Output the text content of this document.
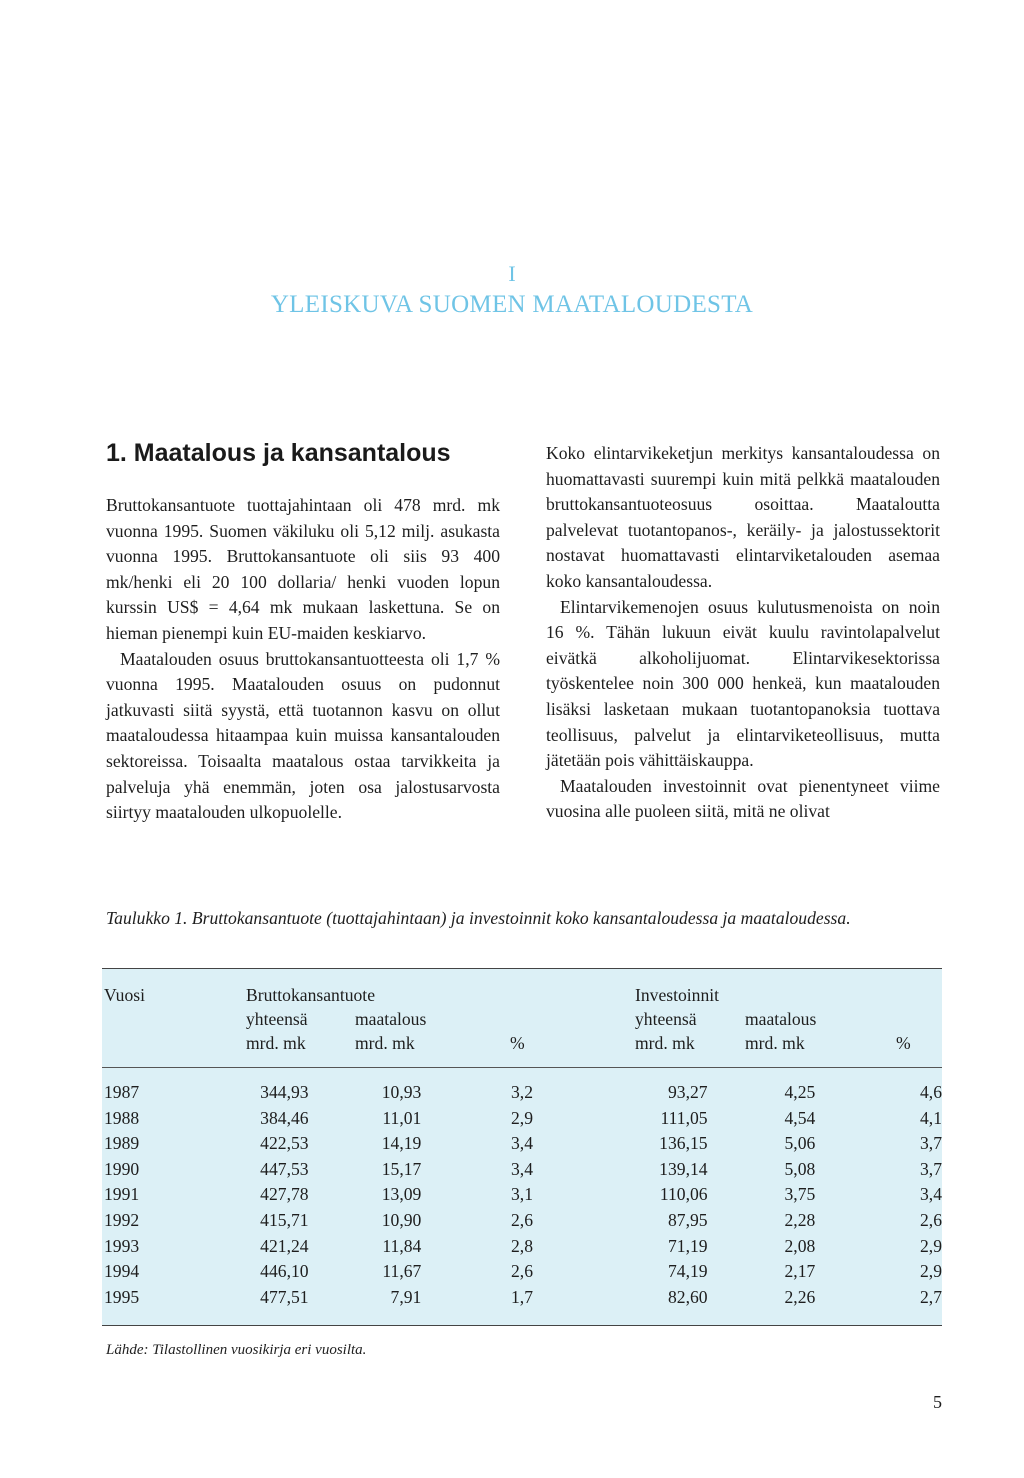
I
YLEISKUVA SUOMEN MAATALOUDESTA
1. Maatalous ja kansantalous

Bruttokansantuote tuottajahintaan oli 478 mrd. mk vuonna 1995. Suomen väkiluku oli 5,12 milj. asukasta vuonna 1995. Bruttokansantuote oli siis 93 400 mk/henki eli 20 100 dollaria/ henki vuoden lopun kurssin US$ = 4,64 mk mukaan laskettuna. Se on hieman pienempi kuin EU-maiden keskiarvo.

Maatalouden osuus bruttokansantuotteesta oli 1,7 % vuonna 1995. Maatalouden osuus on pudonnut jatkuvasti siitä syystä, että tuotannon kasvu on ollut maataloudessa hitaampaa kuin muissa kansantalouden sektoreissa. Toisaalta maatalous ostaa tarvikkeita ja palveluja yhä enemmän, joten osa jalostusarvosta siirtyy maatalouden ulkopuolelle.

Koko elintarvikeketjun merkitys kansantaloudessa on huomattavasti suurempi kuin mitä pelkkä maatalouden bruttokansantuoteosuus osoittaa. Maataloutta palvelevat tuotantopanos-, keräily- ja jalostussektorit nostavat huomattavasti elintarviketalouden asemaa koko kansantaloudessa.

Elintarvikemenojen osuus kulutusmenoista on noin 16 %. Tähän lukuun eivät kuulu ravintolapalvelut eivätkä alkoholijuomat. Elintarvikesektorissa työskentelee noin 300 000 henkeä, kun maatalouden lisäksi lasketaan mukaan tuotantopanoksia tuottava teollisuus, palvelut ja elintarviketeollisuus, mutta jätetään pois vähittäiskauppa.

Maatalouden investoinnit ovat pienentyneet viime vuosina alle puoleen siitä, mitä ne olivat

Taulukko 1. Bruttokansantuote (tuottajahintaan) ja investoinnit koko kansantaloudessa ja maataloudessa.
Vuosi	Bruttokansantuote	Investoinnit
yhteensä	maatalous	yhteensä	maatalous
mrd. mk	mrd. mk	%	mrd. mk	mrd. mk	%
1987	344,93	10,93	3,2	93,27	4,25	4,6
1988	384,46	11,01	2,9	111,05	4,54	4,1
1989	422,53	14,19	3,4	136,15	5,06	3,7
1990	447,53	15,17	3,4	139,14	5,08	3,7
1991	427,78	13,09	3,1	110,06	3,75	3,4
1992	415,71	10,90	2,6	87,95	2,28	2,6
1993	421,24	11,84	2,8	71,19	2,08	2,9
1994	446,10	11,67	2,6	74,19	2,17	2,9
1995	477,51	7,91	1,7	82,60	2,26	2,7
Lähde: Tilastollinen vuosikirja eri vuosilta.
5
